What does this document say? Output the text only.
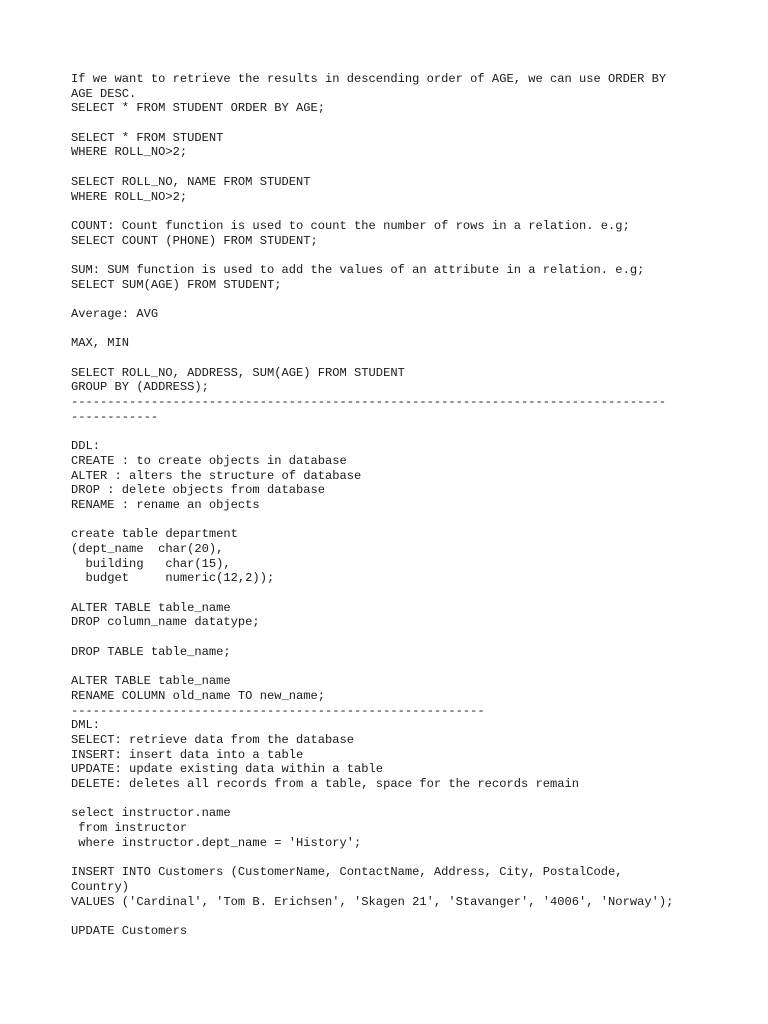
If we want to retrieve the results in descending order of AGE, we can use ORDER BY
AGE DESC.
SELECT * FROM STUDENT ORDER BY AGE;
SELECT * FROM STUDENT
WHERE ROLL_NO>2;
SELECT ROLL_NO, NAME FROM STUDENT
WHERE ROLL_NO>2;
COUNT: Count function is used to count the number of rows in a relation. e.g;
SELECT COUNT (PHONE) FROM STUDENT;
SUM: SUM function is used to add the values of an attribute in a relation. e.g;
SELECT SUM(AGE) FROM STUDENT;
Average: AVG
MAX, MIN
SELECT ROLL_NO, ADDRESS, SUM(AGE) FROM STUDENT
GROUP BY (ADDRESS);
----------------------------------------------------------------------------------
------------
DDL:
CREATE : to create objects in database
ALTER : alters the structure of database
DROP : delete objects from database
RENAME : rename an objects
create table department
(dept_name  char(20),
building   char(15),
budget     numeric(12,2));
ALTER TABLE table_name
DROP column_name datatype;
DROP TABLE table_name;
ALTER TABLE table_name
RENAME COLUMN old_name TO new_name;
---------------------------------------------------------
DML:
SELECT: retrieve data from the database
INSERT: insert data into a table
UPDATE: update existing data within a table
DELETE: deletes all records from a table, space for the records remain
select instructor.name
from instructor
where instructor.dept_name = 'History';
INSERT INTO Customers (CustomerName, ContactName, Address, City, PostalCode,
Country)
VALUES ('Cardinal', 'Tom B. Erichsen', 'Skagen 21', 'Stavanger', '4006', 'Norway');
UPDATE Customers
